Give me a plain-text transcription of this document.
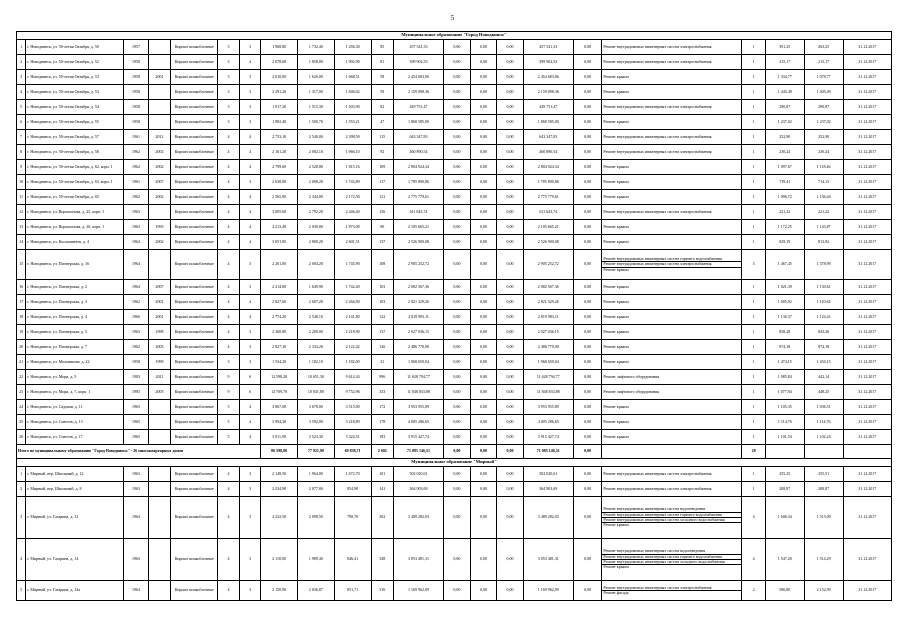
5
Муниципальное образование "Город Новодвинск"																					
1	г. Новодвинск, ул. 50-летия Октября, д. 50	1957		Кирпич шлакоблочные	3	3	1 968,80	1 732,40	1 456,30	85	457 541,33	0,00	0,00	0,00	457 541,33	0,00	Ремонт внутридомовых инженерных систем электроснабжения	1	391,25	263,25	31.12.2017
2	г. Новодвинск, ул. 50-летия Октября, д. 52	1958		Кирпич шлакоблочные	3	4	2 078,60	1 858,00	1 902,90	81	399 902,53	0,00	0,00	0,00	399 902,53	0,00	Ремонт внутридомовых инженерных систем электроснабжения	1	215,17	215,17	31.12.2017
3	г. Новодвинск, ул. 50-летия Октября, д. 53	1958	2001	Кирпич шлакоблочные	3	3	2 010,00	1 626,00	1 668,51	58	2 454 683,06	0,00	0,00	0,00	2 454 683,06	0,00	Ремонт крыши	1	1 334,77	1 078,77	31.12.2017
4	г. Новодвинск, ул. 50-летия Октября, д. 53	1958		Кирпич шлакоблочные	3	3	2 291,20	1 317,00	1 846,02	59	2 159 098,36	0,00	0,00	0,00	2 159 098,36	0,00	Ремонт крыши	1	1 445,49	1 405,49	31.12.2017
5	г. Новодвинск, ул. 50-летия Октября, д. 54	1958		Кирпич шлакоблочные	3	3	1 917,20	1 515,30	1 503,90	82	449 751,47	0,00	0,00	0,00	449 751,47	0,00	Ремонт внутридомовых инженерных систем электроснабжения	1	290,87	290,87	31.12.2017
6	г. Новодвинск, ул. 50-летия Октября, д. 55	1958		Кирпич шлакоблочные	3	3	1 882,40	1 500,70	1 553,21	47	1 868 585,00	0,00	0,00	0,00	1 868 585,00	0,00	Ремонт крыши	1	1 237,02	1 237,02	31.12.2017
7	г. Новодвинск, ул. 50-летия Октября, д. 57	1961	2012	Кирпич шлакоблочные	4	4	2 753,10	2 540,00	2 398,50	115	643 347,83	0,00	0,00	0,00	643 347,83	0,00	Ремонт внутридомовых инженерных систем электроснабжения	1	252,90	252,90	31.12.2017
8	г. Новодвинск, ул. 50-летия Октября, д. 58	1962	2002	Кирпич шлакоблочные	4	4	2 161,20	2 002,10	1 966,10	92	460 890,54	0,00	0,00	0,00	460 890,54	0,00	Ремонт внутридомовых инженерных систем электроснабжения	1	230,24	230,24	31.12.2017
9	г. Новодвинск, ул. 50-летия Октября, д. 62, корп. 1	1962	2002	Кирпич шлакоблочные	4	4	2 799,60	2 528,80	1 815,16	109	2 804 924,34	0,00	0,00	0,00	2 804 924,34	0,00	Ремонт крыши	1	1 097,67	1 118,46	31.12.2017
10	г. Новодвинск, ул. 50-летия Октября, д. 63, корп. 1	1961	2007	Кирпич шлакоблочные	4	3	2 638,00	2 008,20	1 743,89	117	1 785 890,86	0,00	0,00	0,00	1 785 890,86	0,00	Ремонт крыши	1	739,41	714,13	31.12.2017
11	г. Новодвинск, ул. 50-летия Октября, д. 65	1962	2002	Кирпич шлакоблочные	4	4	2 565,90	2 344,00	2 172,50	121	2 775 779,61	0,00	0,00	0,00	2 775 779,61	0,00	Ремонт крыши	1	1 096,72	1 136,44	31.12.2017
12	г. Новодвинск, ул. Ворошилова, д. 25, корп. 1	1963		Кирпич шлакоблочные	4	4	3 005,60	2 792,20	2 446,40	156	611 643,74	0,00	0,00	0,00	611 643,74	0,00	Ремонт внутридомовых инженерных систем электроснабжения	1	221,22	221,22	31.12.2017
13	г. Новодвинск, ул. Ворошилова, д. 30, корп. 1	1963	1993	Кирпич шлакоблочные	4	4	2 213,40	2 030,00	1 873,00	90	2 105 665,21	0,00	0,00	0,00	2 105 665,21	0,00	Ремонт крыши	1	1 172,25	1 143,87	31.12.2017
14	г. Новодвинск, ул. Космонавтов, д. 4	1964	2002	Кирпич шлакоблочные	4	4	3 051,00	2 800,20	2 601,51	137	2 526 900,08	0,00	0,00	0,00	2 526 900,08	0,00	Ремонт крыши	1	829,19	813,82	31.12.2017
15	г. Новодвинск, ул. Пионерская, д. 16	1964		Кирпич шлакоблочные	4	3	2 201,00	2 004,20	1 745,90	108	2 905 252,72	0,00	0,00	0,00	2 905 252,72	0,00	Ремонт внутридомовых инженерных систем горячего водоснабжения
Ремонт внутридомовых инженерных систем электроснабжения
Ремонт крыши	3	1 467,45	1 378,99	31.12.2017
16	г. Новодвинск, ул. Пионерская, д. 2	1964	2007	Кирпич шлакоблочные	4	3	2 214,00	1 649,90	1 742,40	103	2 082 567,36	0,00	0,00	0,00	2 082 567,36	0,00	Ремонт крыши	1	1 021,39	1 130,61	31.12.2017
17	г. Новодвинск, ул. Пионерская, д. 3	1962	2001	Кирпич шлакоблочные	4	4	2 827,60	2 607,20	2 264,90	103	2 821 329,26	0,00	0,00	0,00	2 821 329,26	0,00	Ремонт крыши	1	1 005,92	1 110,64	31.12.2017
18	г. Новодвинск, ул. Пионерская, д. 4	1966	2001	Кирпич шлакоблочные	4	4	2 774,20	2 548,10	2 141,80	122	2 819 983,11	0,00	0,00	0,00	2 819 983,11	0,00	Ремонт крыши	1	1 136,37	1 124,41	31.12.2017
19	г. Новодвинск, ул. Пионерская, д. 5	1963	1998	Кирпич шлакоблочные	4	3	2 360,80	2 200,00	2 218,90	137	2 027 036,15	0,00	0,00	0,00	2 027 036,15	0,00	Ремонт крыши	1	858,28	843,26	31.12.2017
20	г. Новодвинск, ул. Пионерская, д. 7	1962	2005	Кирпич шлакоблочные	4	3	2 827,10	2 334,20	2 122,42	126	2 486 770,90	0,00	0,00	0,00	2 486 770,90	0,00	Ремонт крыши	1	874,18	874,18	31.12.2017
21	г. Новодвинск, ул. Мельникова, д. 22	1958	1999	Кирпич шлакоблочные	3	3	1 534,20	1 182,10	1 182,00	31	1 968 650,04	0,00	0,00	0,00	1 968 650,04	0,00	Ремонт крыши	1	1 474,15	1 454,15	31.12.2017
22	г. Новодвинск, ул. Мира, д. 5	1983	2011	Кирпич шлакоблочные	9	6	12 598,20	10 651,30	9 614,34	996	11 628 794,77	0,00	0,00	0,00	11 628 794,77	0,00	Ремонт лифтового оборудования	1	1 085,84	442,14	31.12.2017
23	г. Новодвинск, ул. Мира, д. 7, корп. 1	1983	2005	Кирпич шлакоблочные	9	6	12 709,70	10 831,80	9 752,96	333	11 848 833,88	0,00	0,00	0,00	11 848 833,88	0,00	Ремонт лифтового оборудования	1	1 077,94	448,25	31.12.2017
24	г. Новодвинск, ул. Садовая, д. 11	1965		Кирпич шлакоблочные	5	4	3 867,00	3 678,00	3 515,00	172	3 953 955,89	0,00	0,00	0,00	3 953 955,89	0,00	Ремонт крыши	1	1 105,35	1 036,51	31.12.2017
25	г. Новодвинск, ул. Советов, д. 13	1965		Кирпич шлакоблочные	5	4	3 994,30	3 592,00	3 218,89	178	4 005 286,65	0,00	0,00	0,00	4 005 286,65	0,00	Ремонт крыши	1	1 114,76	1 114,76	31.12.2017
26	г. Новодвинск, ул. Советов, д. 17	1965		Кирпич шлакоблочные	5	4	3 911,90	3 523,30	3 324,51	183	3 915 427,74	0,00	0,00	0,00	3 915 427,74	0,00	Ремонт крыши	1	1 101,54	1 102,24	31.12.2017
Итого по муниципальному образованию "Город Новодвинск" - 26 многоквартирных домов							86 598,80	77 921,90	69 838,71	2 602	71 085 146,51	0,00	0,00	0,00	71 085 146,51	0,00		28			
Муниципальное образование "Мирный"																					
1	г. Мирный, пер. Школьный, д. 12	1963		Кирпич шлакоблочные	4	3	2 148,50	1 964,00	1 672,70	101	502 020,61	0,00	0,00	0,00	502 020,61	0,00	Ремонт внутридомовых инженерных систем электроснабжения	1	255,25	255,51	31.12.2017
2	г. Мирный, пер. Школьный, д. 8	1963		Кирпич шлакоблочные	4	3	2 234,90	2 077,00	954,90	141	364 903,69	0,00	0,00	0,00	364 903,69	0,00	Ремонт внутридомовых инженерных систем электроснабжения	1	208,87	208,87	31.12.2017
3	г. Мирный, ул. Гагарина, д. 12	1964		Кирпич шлакоблочные	4	3	2 232,50	2 098,50	798,70	302	3 489 282,03	0,00	0,00	0,00	3 489 282,03	0,00	Ремонт внутридомовых инженерных систем водоотведения
Ремонт внутридомовых инженерных систем горячего водоснабжения
Ремонт внутридомовых инженерных систем холодного водоснабжения
Ремонт крыши	4	1 606,34	1 515,00	31.12.2017
4	г. Мирный, ул. Гагарина, д. 14	1963		Кирпич шлакоблочные	4	3	2 110,00	1 989,40	846,41	348	3 053 481,31	0,00	0,00	0,00	3 053 481,31	0,00	Ремонт внутридомовых инженерных систем водоотведения
Ремонт внутридомовых инженерных систем горячего водоснабжения
Ремонт внутридомовых инженерных систем холодного водоснабжения
Ремонт крыши	4	1 547,20	1 514,29	31.12.2017
5	г. Мирный, ул. Гагарина, д. 14а	1964		Кирпич шлакоблочные	4	3	2 150,90	2 036,87	851,71	316	1 169 962,09	0,00	0,00	0,00	1 169 962,09	0,00	Ремонт внутридомовых инженерных систем электроснабжения
Ремонт фасада	2	586,80	2 152,90	31.12.2017
